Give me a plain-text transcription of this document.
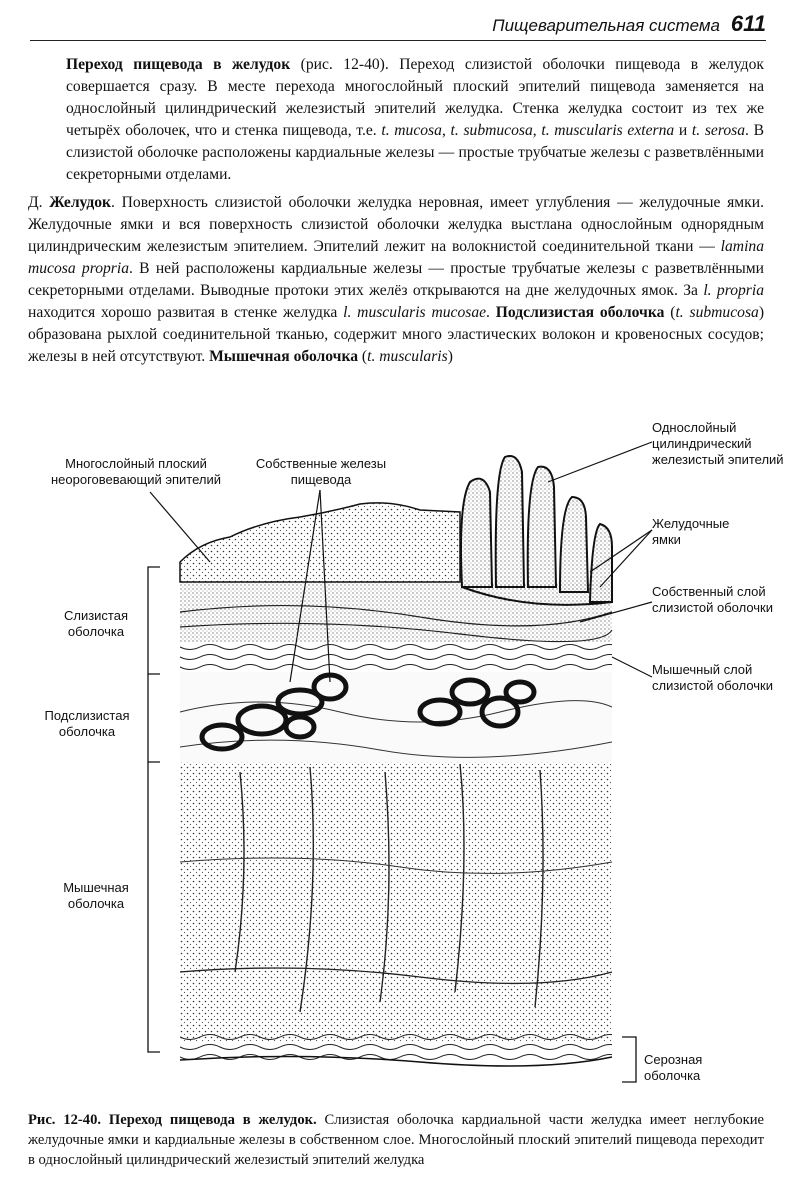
Пищеварительная система 611
Переход пищевода в желудок (рис. 12-40). Переход слизистой оболочки пищевода в желудок совершается сразу. В месте перехода многослойный плоский эпителий пищевода заменяется на однослойный цилиндрический железистый эпителий желудка. Стенка желудка состоит из тех же четырёх оболочек, что и стенка пищевода, т.е. t. mucosa, t. submucosa, t. muscularis externa и t. serosa. В слизистой оболочке расположены кардиальные железы — простые трубчатые железы с разветвлёнными секреторными отделами.
Д. Желудок. Поверхность слизистой оболочки желудка неровная, имеет углубления — желудочные ямки. Желудочные ямки и вся поверхность слизистой оболочки желудка выстлана однослойным однорядным цилиндрическим железистым эпителием. Эпителий лежит на волокнистой соединительной ткани — lamina mucosa propria. В ней расположены кардиальные железы — простые трубчатые железы с разветвлёнными секреторными отделами. Выводные протоки этих желёз открываются на дне желудочных ямок. За l. propria находится хорошо развитая в стенке желудка l. muscularis mucosae. Подслизистая оболочка (t. submucosa) образована рыхлой соединительной тканью, содержит много эластических волокон и кровеносных сосудов; железы в ней отсутствуют. Мышечная оболочка (t. muscularis)
Многослойный плоский неороговевающий эпителий
Собственные железы пищевода
Однослойный цилиндрический железистый эпителий
Желудочные ямки
Собственный слой слизистой оболочки
Мышечный слой слизистой оболочки
Слизистая оболочка
Подслизистая оболочка
Мышечная оболочка
Серозная оболочка
Рис. 12-40. Переход пищевода в желудок. Слизистая оболочка кардиальной части желудка имеет неглубокие желудочные ямки и кардиальные железы в собственном слое. Многослойный плоский эпителий пищевода переходит в однослойный цилиндрический железистый эпителий желудка
